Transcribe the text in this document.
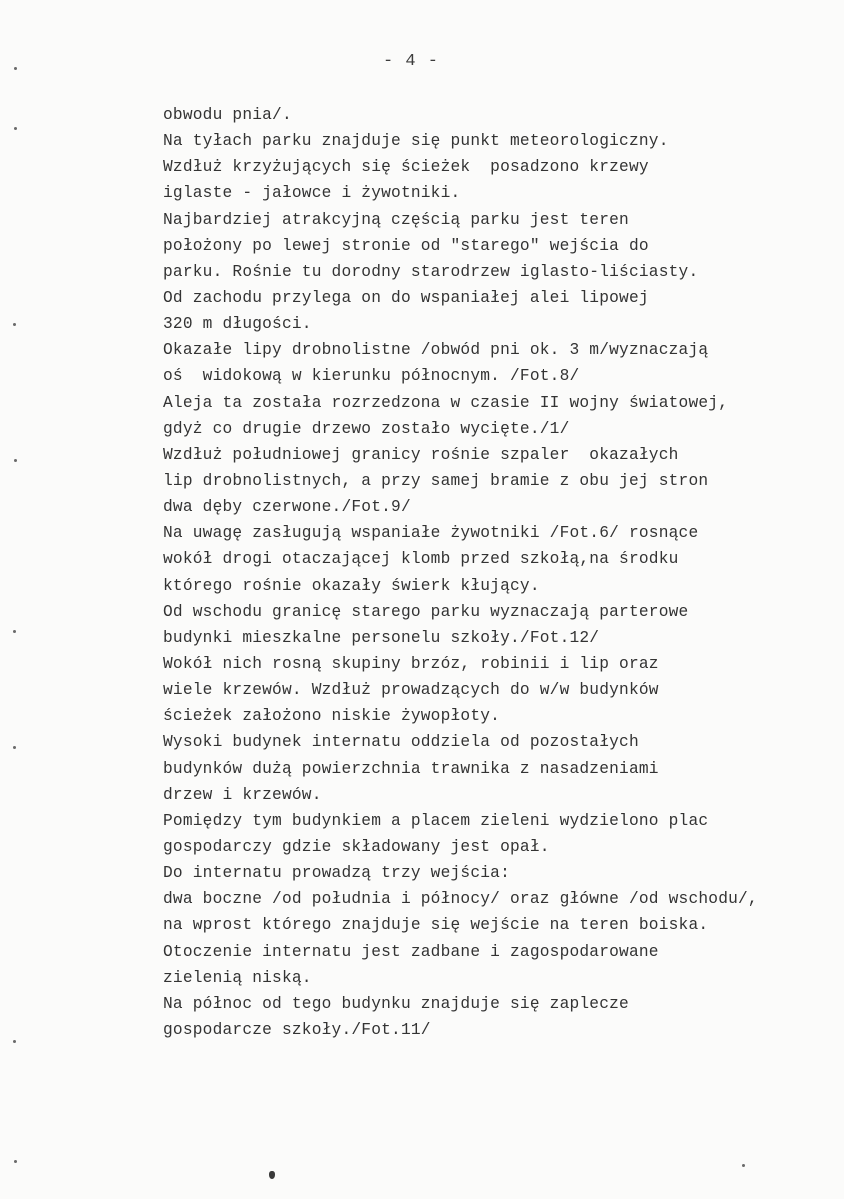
- 4 -
obwodu pnia/.
Na tyłach parku znajduje się punkt meteorologiczny.
Wzdłuż krzyżujących się ścieżek  posadzono krzewy
iglaste - jałowce i żywotniki.
Najbardziej atrakcyjną częścią parku jest teren
położony po lewej stronie od "starego" wejścia do
parku. Rośnie tu dorodny starodrzew iglasto-liściasty.
Od zachodu przylega on do wspaniałej alei lipowej
320 m długości.
Okazałe lipy drobnolistne /obwód pni ok. 3 m/wyznaczają
oś  widokową w kierunku północnym. /Fot.8/
Aleja ta została rozrzedzona w czasie II wojny światowej,
gdyż co drugie drzewo zostało wycięte./1/
Wzdłuż południowej granicy rośnie szpaler  okazałych
lip drobnolistnych, a przy samej bramie z obu jej stron
dwa dęby czerwone./Fot.9/
Na uwagę zasługują wspaniałe żywotniki /Fot.6/ rosnące
wokół drogi otaczającej klomb przed szkołą,na środku
którego rośnie okazały świerk kłujący.
Od wschodu granicę starego parku wyznaczają parterowe
budynki mieszkalne personelu szkoły./Fot.12/
Wokół nich rosną skupiny brzóz, robinii i lip oraz
wiele krzewów. Wzdłuż prowadzących do w/w budynków
ścieżek założono niskie żywopłoty.
Wysoki budynek internatu oddziela od pozostałych
budynków dużą powierzchnia trawnika z nasadzeniami
drzew i krzewów.
Pomiędzy tym budynkiem a placem zieleni wydzielono plac
gospodarczy gdzie składowany jest opał.
Do internatu prowadzą trzy wejścia:
dwa boczne /od południa i północy/ oraz główne /od wschodu/,
na wprost którego znajduje się wejście na teren boiska.
Otoczenie internatu jest zadbane i zagospodarowane
zielenią niską.
Na północ od tego budynku znajduje się zaplecze
gospodarcze szkoły./Fot.11/
